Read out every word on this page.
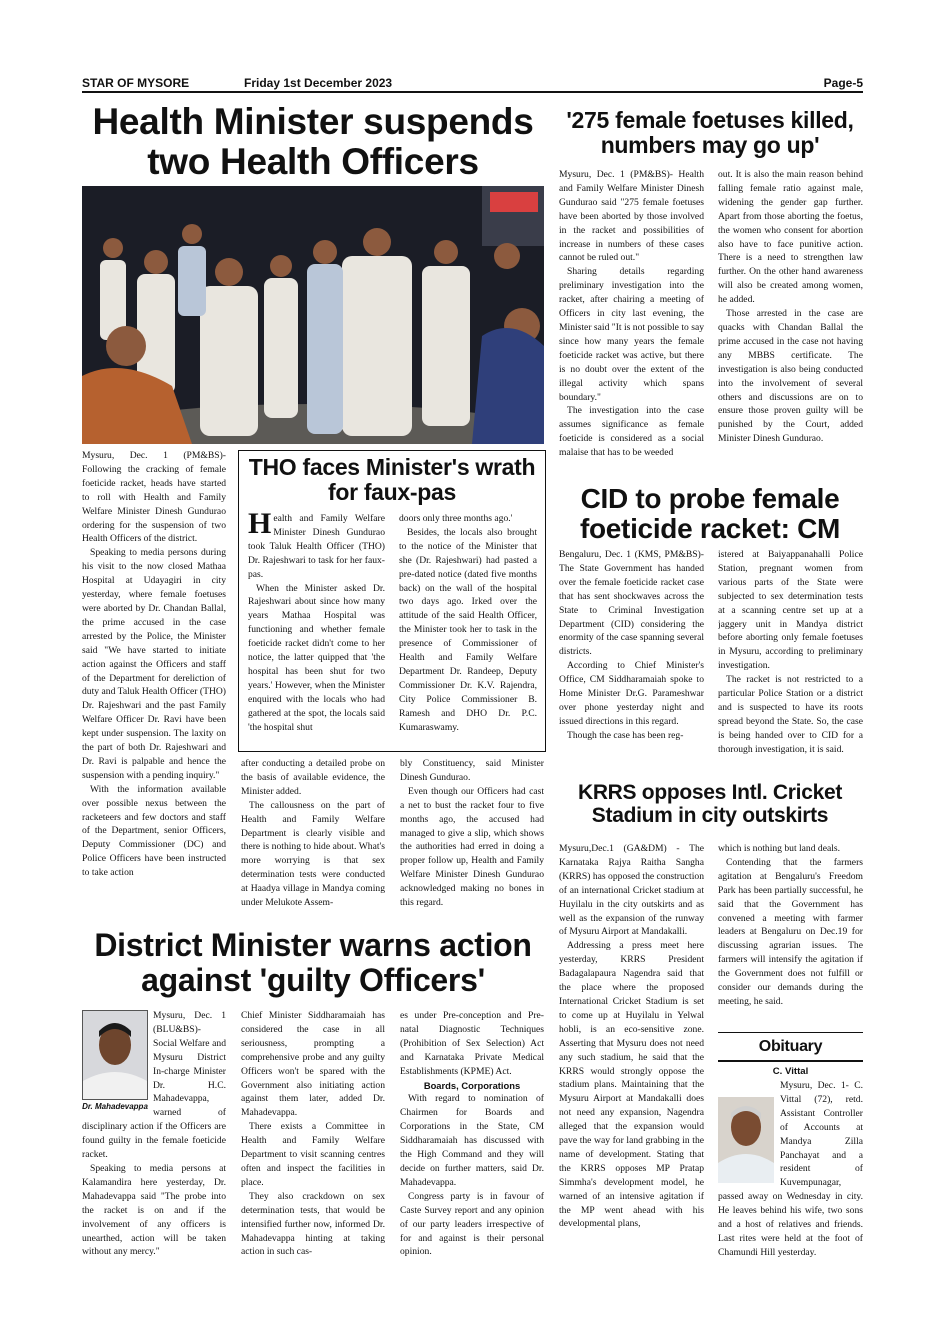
STAR OF MYSORE	Friday 1st December 2023	Page-5
Health Minister suspends two Health Officers

Mysuru, Dec. 1 (PM&BS)- Following the cracking of female foeticide racket, heads have started to roll with Health and Family Welfare Minister Dinesh Gundurao ordering for the suspension of two Health Officers of the district.

Speaking to media persons during his visit to the now closed Mathaa Hospital at Udayagiri in city yesterday, where female foetuses were aborted by Dr. Chandan Ballal, the prime accused in the case arrested by the Police, the Minister said "We have started to initiate action against the Officers and staff of the Department for dereliction of duty and Taluk Health Officer (THO) Dr. Rajeshwari and the past Family Welfare Officer Dr. Ravi have been kept under suspension. The laxity on the part of both Dr. Rajeshwari and Dr. Ravi is palpable and hence the suspension with a pending inquiry."

With the information available over possible nexus between the racketeers and few doctors and staff of the Department, senior Officers, Deputy Commissioner (DC) and Police Officers have been instructed to take action

after conducting a detailed probe on the basis of available evidence, the Minister added.

The callousness on the part of Health and Family Welfare Department is clearly visible and there is nothing to hide about. What's more worrying is that sex determination tests were conducted at Haadya village in Mandya coming under Melukote Assem-

bly Constituency, said Minister Dinesh Gundurao.

Even though our Officers had cast a net to bust the racket four to five months ago, the accused had managed to give a slip, which shows the authorities had erred in doing a proper follow up, Health and Family Welfare Minister Dinesh Gundurao acknowledged making no bones in this regard.

THO faces Minister's wrath for faux-pas

Health and Family Welfare Minister Dinesh Gundurao took Taluk Health Officer (THO) Dr. Rajeshwari to task for her faux-pas.

When the Minister asked Dr. Rajeshwari about since how many years Mathaa Hospital was functioning and whether female foeticide racket didn't come to her notice, the latter quipped that 'the hospital has been shut for two years.' However, when the Minister enquired with the locals who had gathered at the spot, the locals said 'the hospital shut

doors only three months ago.'

Besides, the locals also brought to the notice of the Minister that she (Dr. Rajeshwari) had pasted a pre-dated notice (dated five months back) on the wall of the hospital two days ago. Irked over the attitude of the said Health Officer, the Minister took her to task in the presence of Commissioner of Health and Family Welfare Department Dr. Randeep, Deputy Commissioner Dr. K.V. Rajendra, City Police Commissioner B. Ramesh and DHO Dr. P.C. Kumaraswamy.

'275 female foetuses killed, numbers may go up'

Mysuru, Dec. 1 (PM&BS)- Health and Family Welfare Minister Dinesh Gundurao said "275 female foetuses have been aborted by those involved in the racket and possibilities of increase in numbers of these cases cannot be ruled out."

Sharing details regarding preliminary investigation into the racket, after chairing a meeting of Officers in city last evening, the Minister said "It is not possible to say since how many years the female foeticide racket was active, but there is no doubt over the extent of the illegal activity which spans boundary."

The investigation into the case assumes significance as female foeticide is considered as a social malaise that has to be weeded

out. It is also the main reason behind falling female ratio against male, widening the gender gap further. Apart from those aborting the foetus, the women who consent for abortion also have to face punitive action. There is a need to strengthen law further. On the other hand awareness will also be created among women, he added.

Those arrested in the case are quacks with Chandan Ballal the prime accused in the case not having any MBBS certificate. The investigation is also being conducted into the involvement of several others and discussions are on to ensure those proven guilty will be punished by the Court, added Minister Dinesh Gundurao.

CID to probe female foeticide racket: CM

Bengaluru, Dec. 1 (KMS, PM&BS)- The State Government has handed over the female foeticide racket case that has sent shockwaves across the State to Criminal Investigation Department (CID) considering the enormity of the case spanning several districts.

According to Chief Minister's Office, CM Siddharamaiah spoke to Home Minister Dr.G. Parameshwar over phone yesterday night and issued directions in this regard.

Though the case has been reg-

istered at Baiyappanahalli Police Station, pregnant women from various parts of the State were subjected to sex determination tests at a scanning centre set up at a jaggery unit in Mandya district before aborting only female foetuses in Mysuru, according to preliminary investigation.

The racket is not restricted to a particular Police Station or a district and is suspected to have its roots spread beyond the State. So, the case is being handed over to CID for a thorough investigation, it is said.

KRRS opposes Intl. Cricket Stadium in city outskirts

Mysuru,Dec.1 (GA&DM) - The Karnataka Rajya Raitha Sangha (KRRS) has opposed the construction of an international Cricket stadium at Huyilalu in the city outskirts and as well as the expansion of the runway of Mysuru Airport at Mandakalli.

Addressing a press meet here yesterday, KRRS President Badagalapaura Nagendra said that the place where the proposed International Cricket Stadium is set to come up at Huyilalu in Yelwal hobli, is an eco-sensitive zone. Asserting that Mysuru does not need any such stadium, he said that the KRRS would strongly oppose the stadium plans. Maintaining that the Mysuru Airport at Mandakalli does not need any expansion, Nagendra alleged that the expansion would pave the way for land grabbing in the name of development. Stating that the KRRS opposes MP Pratap Simmha's development model, he warned of an intensive agitation if the MP went ahead with his developmental plans,

which is nothing but land deals.

Contending that the farmers agitation at Bengaluru's Freedom Park has been partially successful, he said that the Government has convened a meeting with farmer leaders at Bengaluru on Dec.19 for discussing agrarian issues. The farmers will intensify the agitation if the Government does not fulfill or consider our demands during the meeting, he said.

Obituary
C. Vittal

Mysuru, Dec. 1- C. Vittal (72), retd. Assistant Controller of Accounts at Mandya Zilla Panchayat and a resident of Kuvempunagar, passed away on Wednesday in city. He leaves behind his wife, two sons and a host of relatives and friends. Last rites were held at the foot of Chamundi Hill yesterday.

District Minister warns action against 'guilty Officers'
Dr. Mahadevappa

Mysuru, Dec. 1 (BLU&BS)- Social Welfare and Mysuru District In-charge Minister Dr. H.C. Mahadevappa, warned of disciplinary action if the Officers are found guilty in the female foeticide racket.

Speaking to media persons at Kalamandira here yesterday, Dr. Mahadevappa said "The probe into the racket is on and if the involvement of any officers is unearthed, action will be taken without any mercy."

Chief Minister Siddharamaiah has considered the case in all seriousness, prompting a comprehensive probe and any guilty Officers won't be spared with the Government also initiating action against them later, added Dr. Mahadevappa.

There exists a Committee in Health and Family Welfare Department to visit scanning centres often and inspect the facilities in place.

They also crackdown on sex determination tests, that would be intensified further now, informed Dr. Mahadevappa hinting at taking action in such cas-

es under Pre-conception and Pre-natal Diagnostic Techniques (Prohibition of Sex Selection) Act and Karnataka Private Medical Establishments (KPME) Act.

Boards, Corporations

With regard to nomination of Chairmen for Boards and Corporations in the State, CM Siddharamaiah has discussed with the High Command and they will decide on further matters, said Dr. Mahadevappa.

Congress party is in favour of Caste Survey report and any opinion of our party leaders irrespective of for and against is their personal opinion.
